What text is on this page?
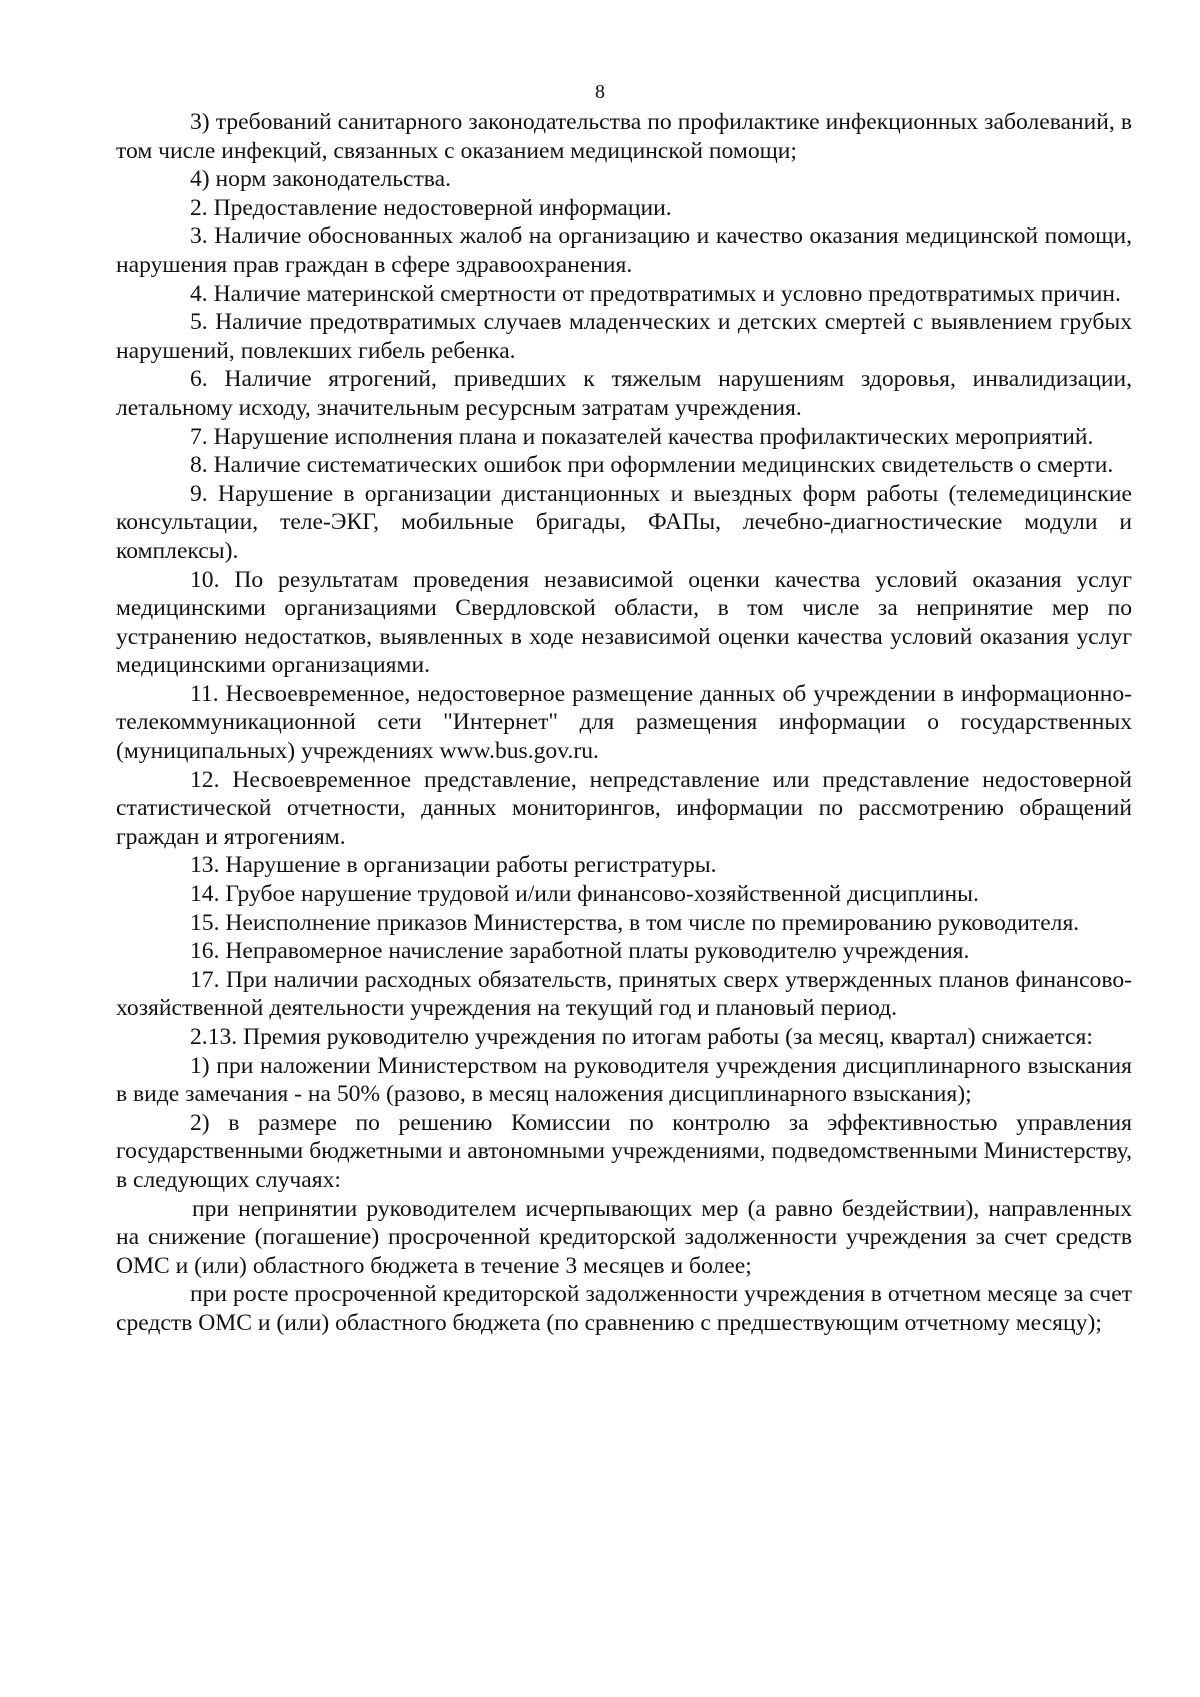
8

3) требований санитарного законодательства по профилактике инфекционных заболеваний, в том числе инфекций, связанных с оказанием медицинской помощи;

4) норм законодательства.

2. Предоставление недостоверной информации.

3. Наличие обоснованных жалоб на организацию и качество оказания медицинской помощи, нарушения прав граждан в сфере здравоохранения.

4. Наличие материнской смертности от предотвратимых и условно предотвратимых причин.

5. Наличие предотвратимых случаев младенческих и детских смертей с выявлением грубых нарушений, повлекших гибель ребенка.

6. Наличие ятрогений, приведших к тяжелым нарушениям здоровья, инвалидизации, летальному исходу, значительным ресурсным затратам учреждения.

7. Нарушение исполнения плана и показателей качества профилактических мероприятий.

8. Наличие систематических ошибок при оформлении медицинских свидетельств о смерти.

9. Нарушение в организации дистанционных и выездных форм работы (телемедицинские консультации, теле-ЭКГ, мобильные бригады, ФАПы, лечебно-диагностические модули и комплексы).

10. По результатам проведения независимой оценки качества условий оказания услуг медицинскими организациями Свердловской области, в том числе за непринятие мер по устранению недостатков, выявленных в ходе независимой оценки качества условий оказания услуг медицинскими организациями.

11. Несвоевременное, недостоверное размещение данных об учреждении в информационно-телекоммуникационной сети "Интернет" для размещения информации о государственных (муниципальных) учреждениях www.bus.gov.ru.

12. Несвоевременное представление, непредставление или представление недостоверной статистической отчетности, данных мониторингов, информации по рассмотрению обращений граждан и ятрогениям.

13. Нарушение в организации работы регистратуры.

14. Грубое нарушение трудовой и/или финансово-хозяйственной дисциплины.

15. Неисполнение приказов Министерства, в том числе по премированию руководителя.

16. Неправомерное начисление заработной платы руководителю учреждения.

17. При наличии расходных обязательств, принятых сверх утвержденных планов финансово-хозяйственной деятельности учреждения на текущий год и плановый период.

2.13. Премия руководителю учреждения по итогам работы (за месяц, квартал) снижается:

1) при наложении Министерством на руководителя учреждения дисциплинарного взыскания в виде замечания - на 50% (разово, в месяц наложения дисциплинарного взыскания);

2) в размере по решению Комиссии по контролю за эффективностью управления государственными бюджетными и автономными учреждениями, подведомственными Министерству, в следующих случаях:

при непринятии руководителем исчерпывающих мер (а равно бездействии), направленных на снижение (погашение) просроченной кредиторской задолженности учреждения за счет средств ОМС и (или) областного бюджета в течение 3 месяцев и более;

при росте просроченной кредиторской задолженности учреждения в отчетном месяце за счет средств ОМС и (или) областного бюджета (по сравнению с предшествующим отчетному месяцу);
